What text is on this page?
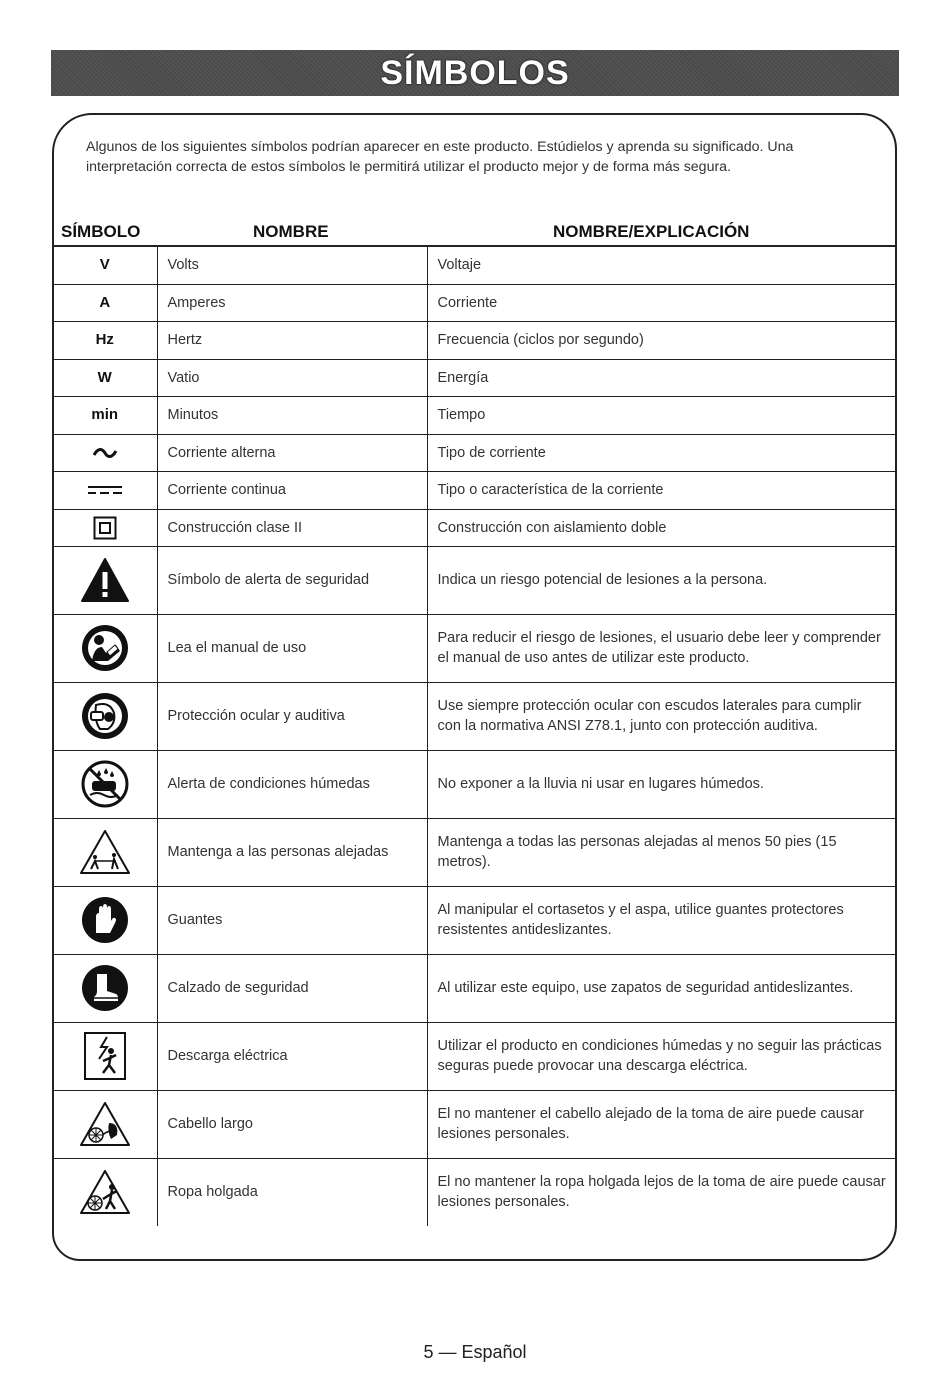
SÍMBOLOS

Algunos de los siguientes símbolos podrían aparecer en este producto. Estúdielos y aprenda su significado. Una interpretación correcta de estos símbolos le permitirá utilizar el producto mejor y de forma más segura.

SÍMBOLO	NOMBRE	NOMBRE/EXPLICACIÓN
V	Volts	Voltaje
A	Amperes	Corriente
Hz	Hertz	Frecuencia (ciclos por segundo)
W	Vatio	Energía
min	Minutos	Tiempo

	Corriente alterna	Tipo de corriente

	Corriente continua	Tipo o característica de la corriente

	Construcción clase II	Construcción con aislamiento doble

	Símbolo de alerta de seguridad	Indica un riesgo potencial de lesiones a la persona.

	Lea el manual de uso	Para reducir el riesgo de lesiones, el usuario debe leer y comprender el manual de uso antes de utilizar este producto.

	Protección ocular y auditiva	Use siempre protección ocular con escudos laterales para cumplir con la normativa ANSI Z78.1, junto con protección auditiva.

	Alerta de condiciones húmedas	No exponer a la lluvia ni usar en lugares húmedos.

	Mantenga a las personas alejadas	Mantenga a todas las personas alejadas al menos 50 pies (15 metros).

	Guantes	Al manipular el cortasetos y el aspa, utilice guantes protectores resistentes antideslizantes.

	Calzado de seguridad	Al utilizar este equipo, use zapatos de seguridad antideslizantes.

	Descarga eléctrica	Utilizar el producto en condiciones húmedas y no seguir las prácticas seguras puede provocar una descarga eléctrica.

	Cabello largo	El no mantener el cabello alejado de la toma de aire puede causar lesiones personales.

	Ropa holgada	El no mantener la ropa holgada lejos de la toma de aire puede causar lesiones personales.
5 — Español
